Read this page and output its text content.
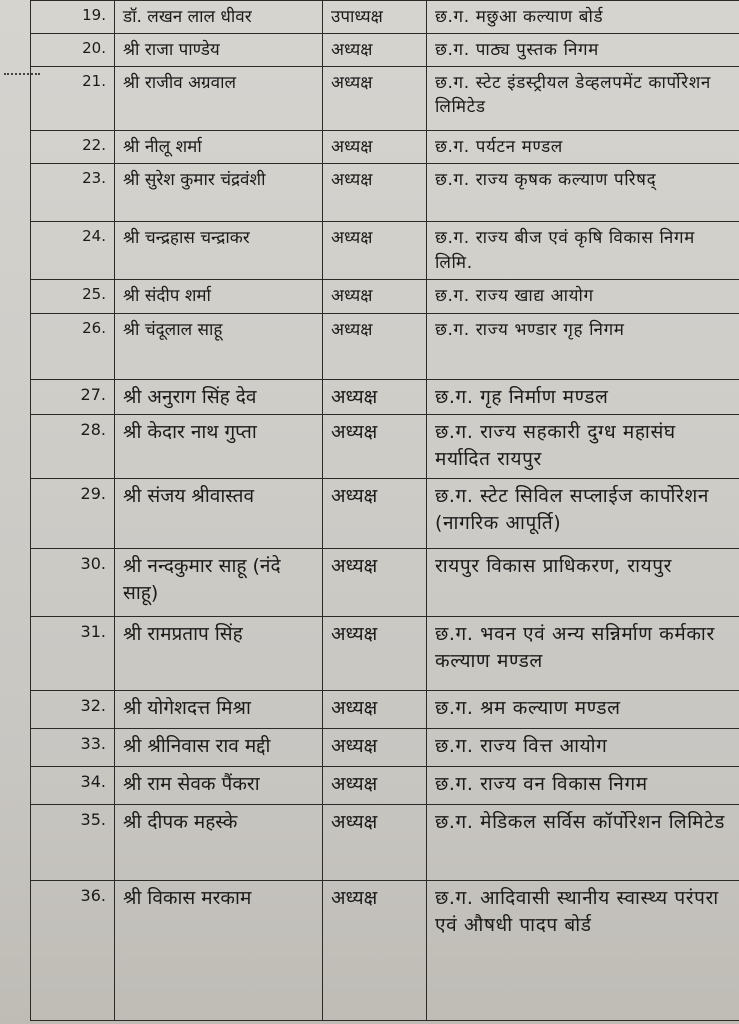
19.	डॉ. लखन लाल धीवर	उपाध्यक्ष	छ.ग. मछुआ कल्याण बोर्ड
20.	श्री राजा पाण्डेय	अध्यक्ष	छ.ग. पाठ्य पुस्तक निगम
21.	श्री राजीव अग्रवाल	अध्यक्ष	छ.ग. स्टेट इंडस्ट्रीयल डेव्हलपमेंट कार्पोरेशन लिमिटेड
22.	श्री नीलू शर्मा	अध्यक्ष	छ.ग. पर्यटन मण्डल
23.	श्री सुरेश कुमार चंद्रवंशी	अध्यक्ष	छ.ग. राज्य कृषक कल्याण परिषद्
24.	श्री चन्द्रहास चन्द्राकर	अध्यक्ष	छ.ग. राज्य बीज एवं कृषि विकास निगम लिमि.
25.	श्री संदीप शर्मा	अध्यक्ष	छ.ग. राज्य खाद्य आयोग
26.	श्री चंदूलाल साहू	अध्यक्ष	छ.ग. राज्य भण्डार गृह निगम
27.	श्री अनुराग सिंह देव	अध्यक्ष	छ.ग. गृह निर्माण मण्डल
28.	श्री केदार नाथ गुप्ता	अध्यक्ष	छ.ग. राज्य सहकारी दुग्ध महासंघ मर्यादित रायपुर
29.	श्री संजय श्रीवास्तव	अध्यक्ष	छ.ग. स्टेट सिविल सप्लाईज कार्पोरेशन (नागरिक आपूर्ति)
30.	श्री नन्दकुमार साहू (नंदे साहू)	अध्यक्ष	रायपुर विकास प्राधिकरण, रायपुर
31.	श्री रामप्रताप सिंह	अध्यक्ष	छ.ग. भवन एवं अन्य सन्निर्माण कर्मकार कल्याण मण्डल
32.	श्री योगेशदत्त मिश्रा	अध्यक्ष	छ.ग. श्रम कल्याण मण्डल
33.	श्री श्रीनिवास राव मद्दी	अध्यक्ष	छ.ग. राज्य वित्त आयोग
34.	श्री राम सेवक पैंकरा	अध्यक्ष	छ.ग. राज्य वन विकास निगम
35.	श्री दीपक महस्के	अध्यक्ष	छ.ग. मेडिकल सर्विस कॉर्पोरेशन लिमिटेड
36.	श्री विकास मरकाम	अध्यक्ष	छ.ग. आदिवासी स्थानीय स्वास्थ्य परंपरा एवं औषधी पादप बोर्ड
